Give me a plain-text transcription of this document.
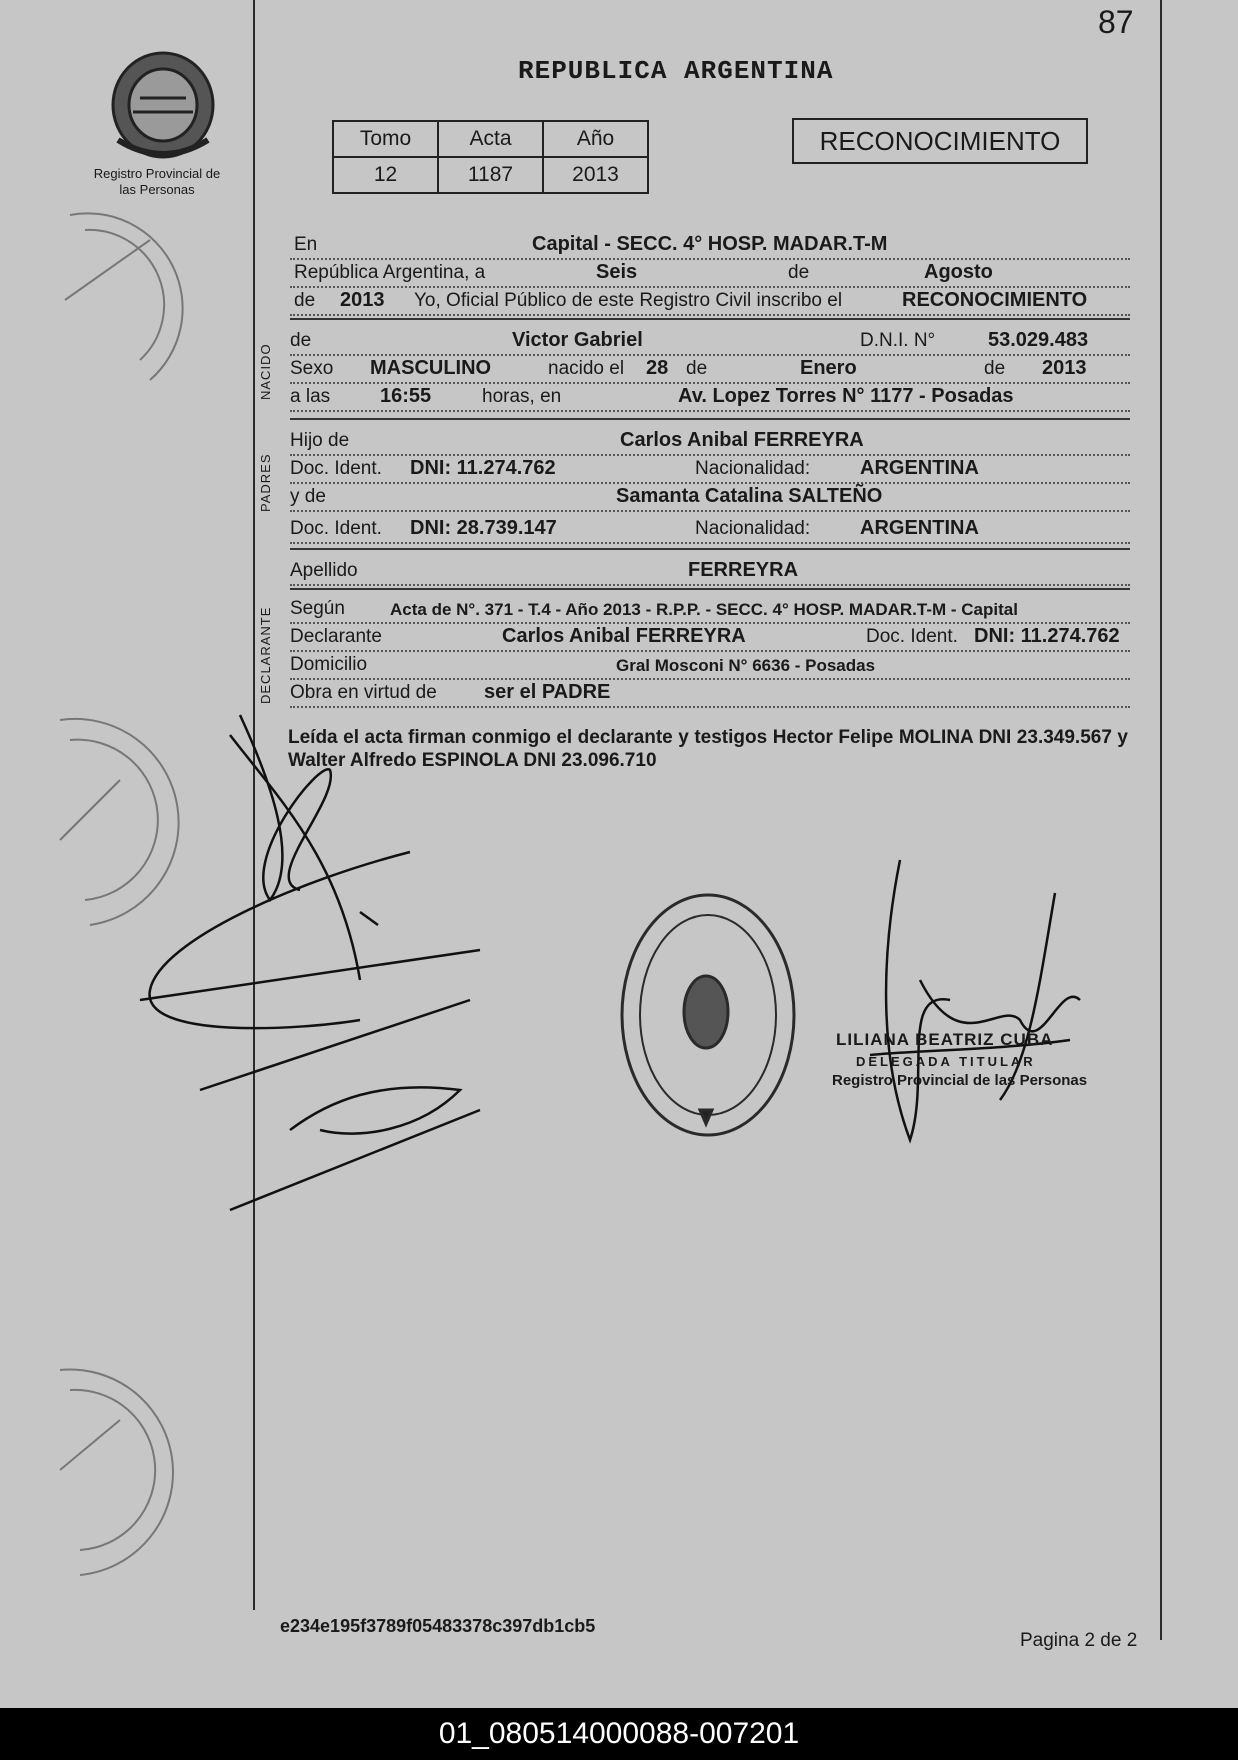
87
REPUBLICA ARGENTINA
Registro Provincial de las Personas
Tomo	Acta	Año
12	1187	2013
RECONOCIMIENTO
En	Capital - SECC. 4° HOSP. MADAR.T-M
República Argentina, a	Seis	de	Agosto
de 2013 Yo, Oficial Público de este Registro Civil inscribo el	RECONOCIMIENTO
NACIDO
de	Victor Gabriel	D.N.I. N°	53.029.483
Sexo MASCULINO	nacido el 28 de	Enero	de 2013
a las 16:55	horas, en	Av. Lopez Torres N° 1177 - Posadas
PADRES
Hijo de	Carlos Anibal FERREYRA
Doc. Ident. DNI: 11.274.762	Nacionalidad: ARGENTINA
y de	Samanta Catalina SALTEÑO
Doc. Ident. DNI: 28.739.147	Nacionalidad: ARGENTINA
Apellido	FERREYRA
DECLARANTE Según	Acta de N°. 371 - T.4 - Año 2013 - R.P.P. - SECC. 4° HOSP. MADAR.T-M - Capital
Declarante	Carlos Anibal FERREYRA	Doc. Ident. DNI: 11.274.762
Domicilio	Gral Mosconi N° 6636 - Posadas
Obra en virtud de ser el PADRE
Leída el acta firman conmigo el declarante y testigos Hector Felipe MOLINA DNI 23.349.567 y Walter Alfredo ESPINOLA DNI 23.096.710
LILIANA BEATRIZ CUBA
DELEGADA TITULAR
Registro Provincial de las Personas
e234e195f3789f05483378c397db1cb5
Pagina 2 de 2
01_080514000088-007201
